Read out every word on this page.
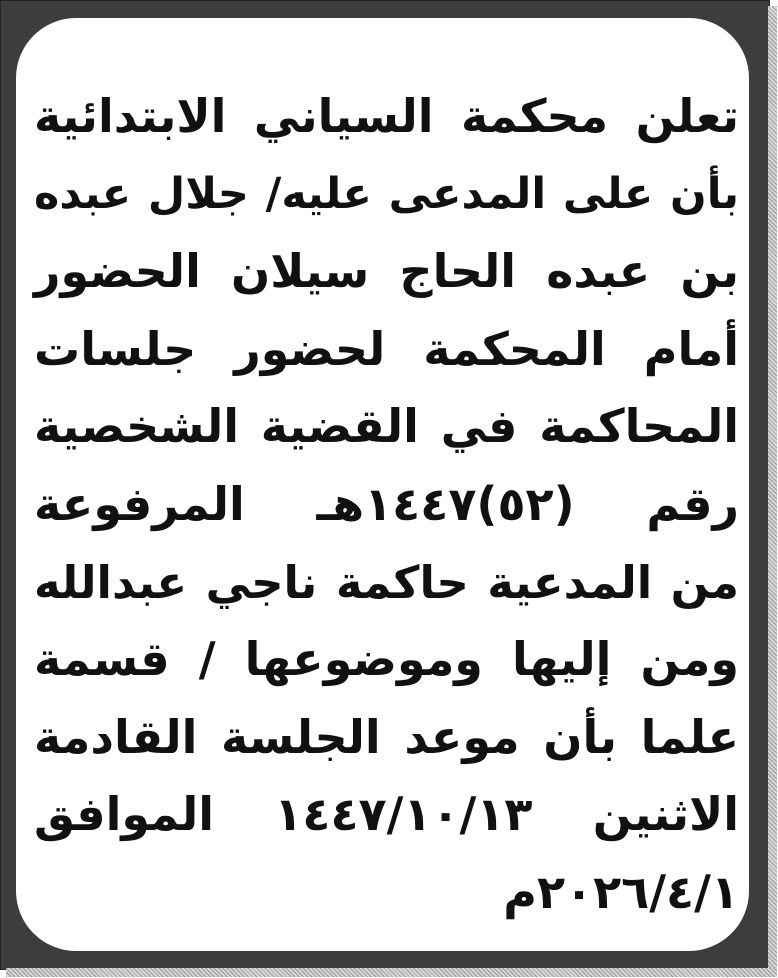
تعلن محكمة السياني الابتدائية
بأن على المدعى عليه/ جلال عبده
بن عبده الحاج سيلان الحضور
أمام المحكمة لحضور جلسات
المحاكمة في القضية الشخصية
رقم (٥٢)١٤٤٧هـ المرفوعة
من المدعية حاكمة ناجي عبدالله
ومن إليها وموضوعها / قسمة
علما بأن موعد الجلسة القادمة
الاثنين ١٤٤٧/١٠/١٣ الموافق
٢٠٢٦/٤/١م
